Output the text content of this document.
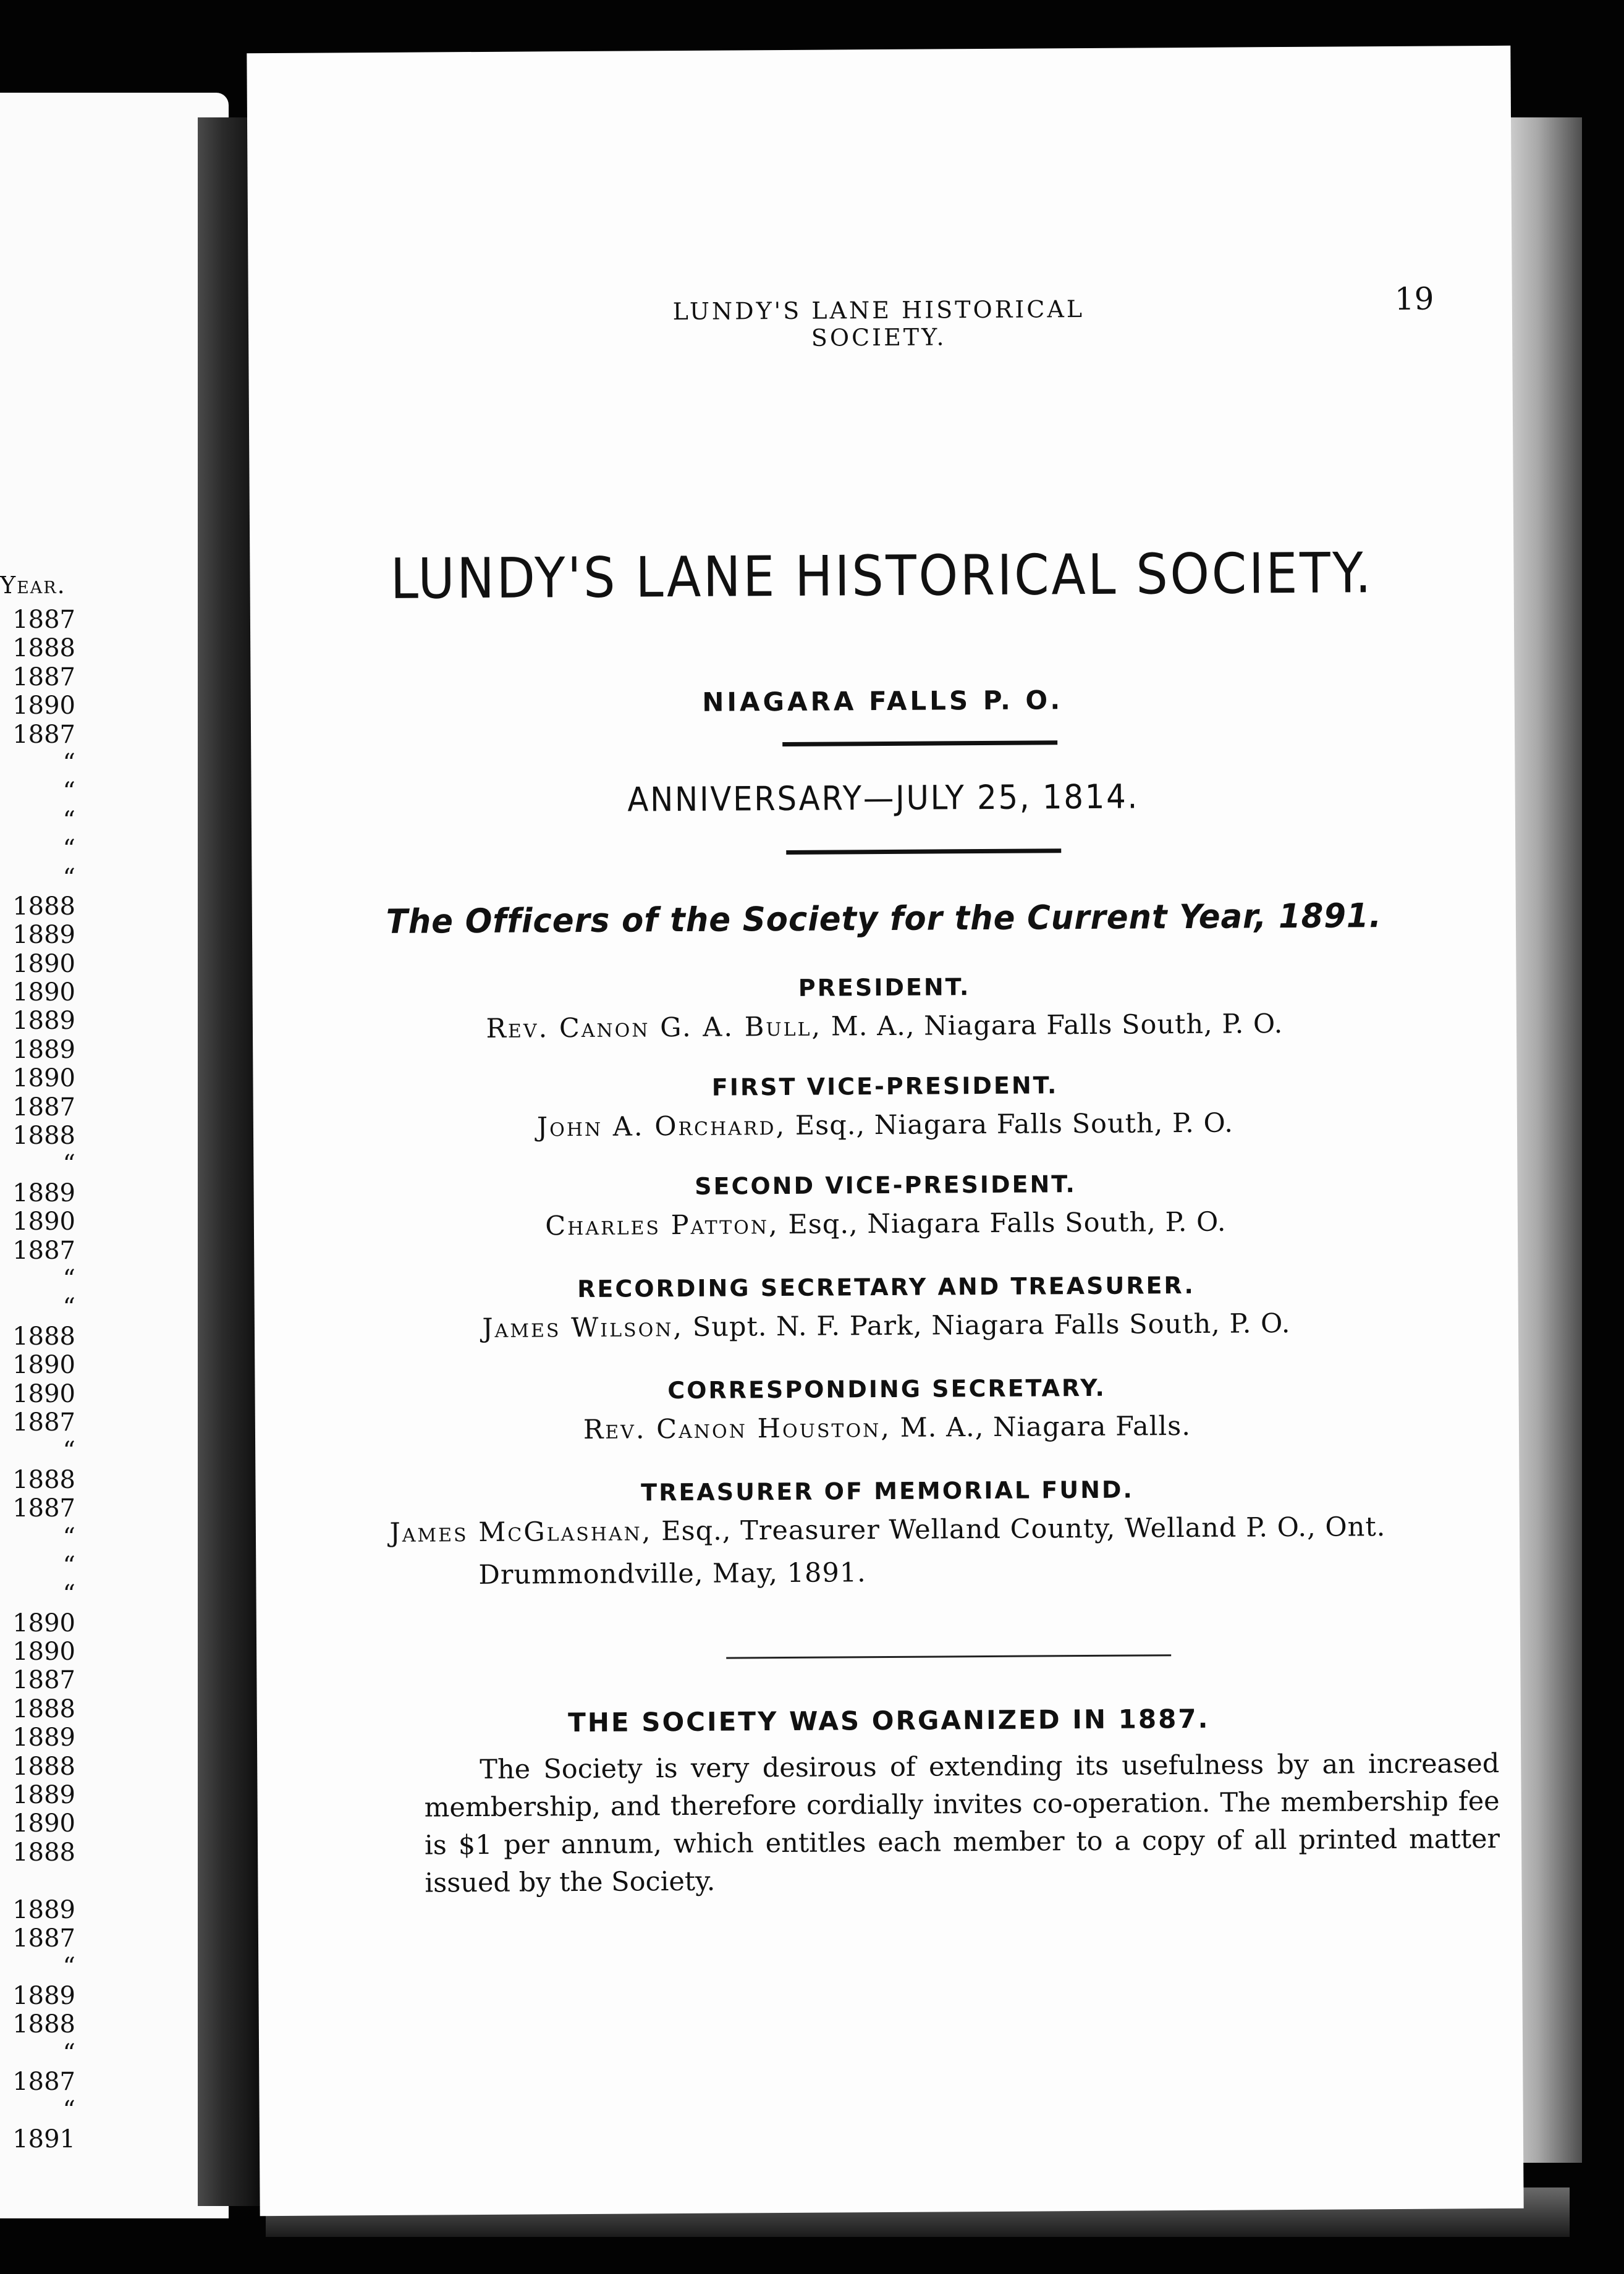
Year.
1887
1888
1887
1890
1887
“
“
“
“
“
1888
1889
1890
1890
1889
1889
1890
1887
1888
“
1889
1890
1887
“
“
1888
1890
1890
1887
“
1888
1887
“
“
“
1890
1890
1887
1888
1889
1888
1889
1890
1888
1889
1887
“
1889
1888
“
1887
“
1891
LUNDY'S LANE HISTORICAL SOCIETY.
19
LUNDY'S LANE HISTORICAL SOCIETY.
NIAGARA FALLS P. O.
ANNIVERSARY—JULY 25, 1814.
The Officers of the Society for the Current Year, 1891.
PRESIDENT.
Rev. Canon G. A. Bull, M. A., Niagara Falls South, P. O.
FIRST VICE-PRESIDENT.
John A. Orchard, Esq., Niagara Falls South, P. O.
SECOND VICE-PRESIDENT.
Charles Patton, Esq., Niagara Falls South, P. O.
RECORDING SECRETARY AND TREASURER.
James Wilson, Supt. N. F. Park, Niagara Falls South, P. O.
CORRESPONDING SECRETARY.
Rev. Canon Houston, M. A., Niagara Falls.
TREASURER OF MEMORIAL FUND.
James McGlashan, Esq., Treasurer Welland County, Welland P. O., Ont.
Drummondville, May, 1891.
THE SOCIETY WAS ORGANIZED IN 1887.
The Society is very desirous of extending its usefulness by an increased membership, and therefore cordially invites co-operation. The membership fee is $1 per annum, which entitles each member to a copy of all printed matter issued by the Society.
